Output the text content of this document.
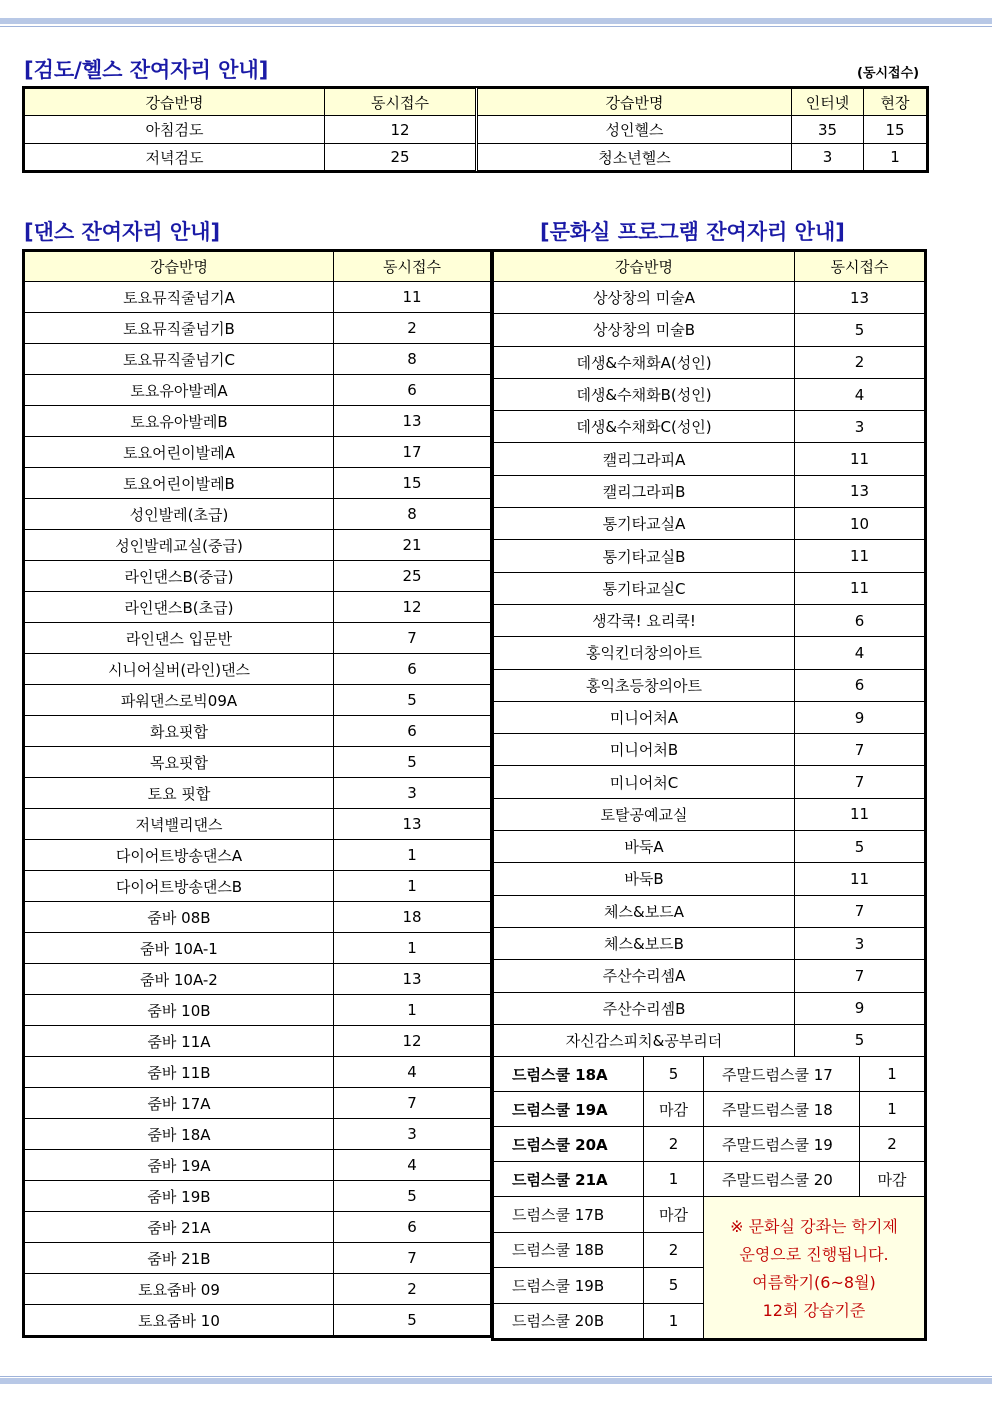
[검도/헬스 잔여자리 안내]	(동시접수)
강습반명	동시접수	강습반명	인터넷	현장
아침검도	12	성인헬스	35	15
저녁검도	25	청소년헬스	3	1
[댄스 잔여자리 안내]	[문화실 프로그램 잔여자리 안내]
강습반명	동시접수
토요뮤직줄넘기A	11
토요뮤직줄넘기B	2
토요뮤직줄넘기C	8
토요유아발레A	6
토요유아발레B	13
토요어린이발레A	17
토요어린이발레B	15
성인발레(초급)	8
성인발레교실(중급)	21
라인댄스B(중급)	25
라인댄스B(초급)	12
라인댄스 입문반	7
시니어실버(라인)댄스	6
파워댄스로빅09A	5
화요핏합	6
목요핏합	5
토요 핏합	3
저녁밸리댄스	13
다이어트방송댄스A	1
다이어트방송댄스B	1
줌바 08B	18
줌바 10A-1	1
줌바 10A-2	13
줌바 10B	1
줌바 11A	12
줌바 11B	4
줌바 17A	7
줌바 18A	3
줌바 19A	4
줌바 19B	5
줌바 21A	6
줌바 21B	7
토요줌바 09	2
토요줌바 10	5
강습반명			동시접수	
상상창의 미술A			13	
상상창의 미술B			5	
데생&수채화A(성인)			2	
데생&수채화B(성인)			4	
데생&수채화C(성인)			3	
캘리그라피A			11	
캘리그라피B			13	
통기타교실A			10	
통기타교실B			11	
통기타교실C			11	
생각쿡! 요리쿡!			6	
홍익킨더창의아트			4	
홍익초등창의아트			6	
미니어처A			9	
미니어처B			7	
미니어처C			7	
토탈공예교실			11	
바둑A			5	
바둑B			11	
체스&보드A			7	
체스&보드B			3	
주산수리셈A			7	
주산수리셈B			9	
자신감스피치&공부리더			5	
드럼스쿨 18A	5	주말드럼스쿨 17		1
드럼스쿨 19A	마감	주말드럼스쿨 18		1
드럼스쿨 20A	2	주말드럼스쿨 19		2
드럼스쿨 21A	1	주말드럼스쿨 20		마감
드럼스쿨 17B	마감	※ 문화실 강좌는 학기제
운영으로 진행됩니다.
여름학기(6~8월)
12회 강습기준		

드럼스쿨 18B	2			
드럼스쿨 19B	5			
드럼스쿨 20B	1			
